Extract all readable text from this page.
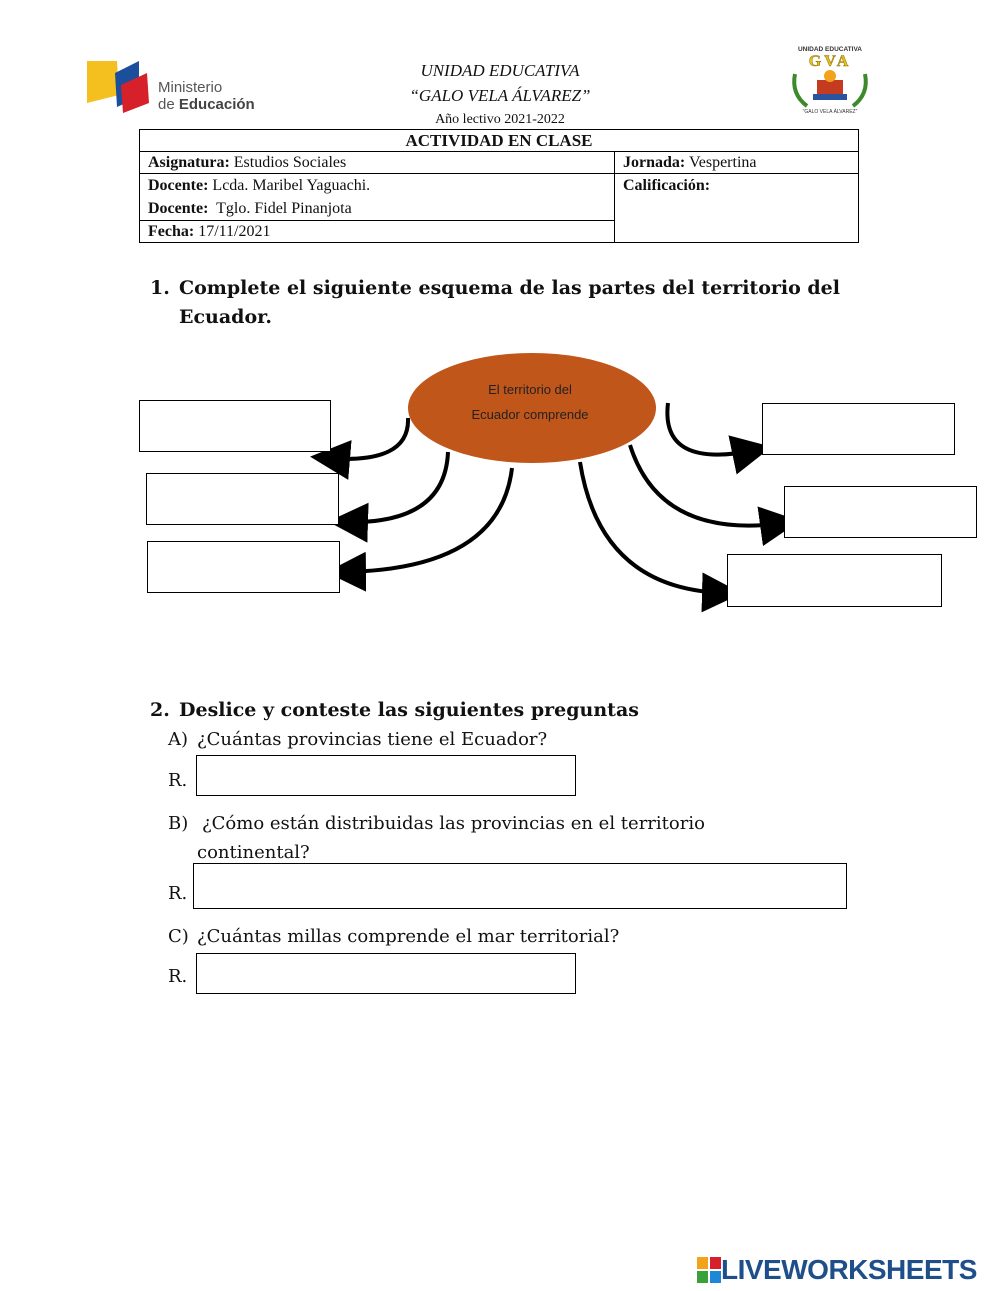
Ministerio
de Educación
UNIDAD EDUCATIVA
“GALO VELA ÁLVAREZ”
Año lectivo 2021-2022
UNIDAD EDUCATIVA
GVA
"GALO VELA ÁLVAREZ"
ACTIVIDAD EN CLASE	
Asignatura: Estudios Sociales	Jornada: Vespertina

Docente: Lcda. Maribel Yaguachi.
Docente: Tglo. Fidel Pinanjota	Calificación:
Fecha: 17/11/2021	
1. Complete el siguiente esquema de las partes del territorio del
Ecuador.
El territorio del
Ecuador comprende
2. Deslice y conteste las siguientes preguntas
A) ¿Cuántas provincias tiene el Ecuador?
R.
B) ¿Cómo están distribuidas las provincias en el territorio
continental?
R.
C) ¿Cuántas millas comprende el mar territorial?
R.
LIVEWORKSHEETS
